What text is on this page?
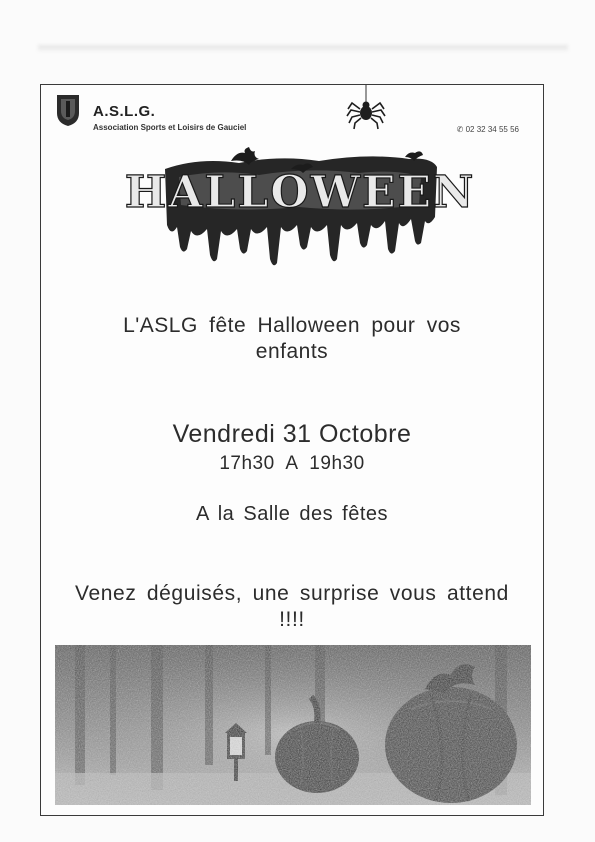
A.S.L.G.
Association Sports et Loisirs de Gauciel	✆ 02 32 34 55 56
HALLOWEEN
L'ASLG fête Halloween pour vos enfants
Vendredi 31 Octobre
17h30 A 19h30
A la Salle des fêtes
Venez déguisés, une surprise vous attend !!!!
